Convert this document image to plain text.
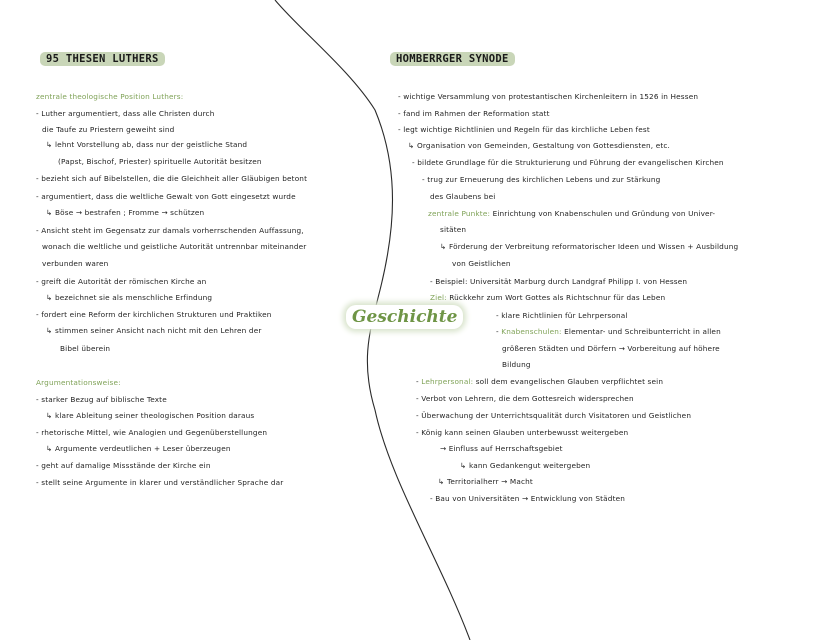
95 THESEN LUTHERS
zentrale theologische Position Luthers:
- Luther argumentiert, dass alle Christen durch
die Taufe zu Priestern geweiht sind
↳ lehnt Vorstellung ab, dass nur der geistliche Stand
(Papst, Bischof, Priester) spirituelle Autorität besitzen
- bezieht sich auf Bibelstellen, die die Gleichheit aller Gläubigen betont
- argumentiert, dass die weltliche Gewalt von Gott eingesetzt wurde
↳ Böse → bestrafen ; Fromme → schützen
- Ansicht steht im Gegensatz zur damals vorherrschenden Auffassung,
wonach die weltliche und geistliche Autorität untrennbar miteinander
verbunden waren
- greift die Autorität der römischen Kirche an
↳ bezeichnet sie als menschliche Erfindung
- fordert eine Reform der kirchlichen Strukturen und Praktiken
↳ stimmen seiner Ansicht nach nicht mit den Lehren der
Bibel überein
Argumentationsweise:
- starker Bezug auf biblische Texte
↳ klare Ableitung seiner theologischen Position daraus
- rhetorische Mittel, wie Analogien und Gegenüberstellungen
↳ Argumente verdeutlichen + Leser überzeugen
- geht auf damalige Missstände der Kirche ein
- stellt seine Argumente in klarer und verständlicher Sprache dar
Geschichte
HOMBERRGER SYNODE
- wichtige Versammlung von protestantischen Kirchenleitern in 1526 in Hessen
- fand im Rahmen der Reformation statt
- legt wichtige Richtlinien und Regeln für das kirchliche Leben fest
↳ Organisation von Gemeinden, Gestaltung von Gottesdiensten, etc.
- bildete Grundlage für die Strukturierung und Führung der evangelischen Kirchen
- trug zur Erneuerung des kirchlichen Lebens und zur Stärkung
des Glaubens bei
zentrale Punkte: Einrichtung von Knabenschulen und Gründung von Univer-
sitäten
↳ Förderung der Verbreitung reformatorischer Ideen und Wissen + Ausbildung
von Geistlichen
- Beispiel: Universität Marburg durch Landgraf Philipp I. von Hessen
Ziel: Rückkehr zum Wort Gottes als Richtschnur für das Leben
- klare Richtlinien für Lehrpersonal
- Knabenschulen: Elementar- und Schreibunterricht in allen
größeren Städten und Dörfern → Vorbereitung auf höhere
Bildung
- Lehrpersonal: soll dem evangelischen Glauben verpflichtet sein
- Verbot von Lehrern, die dem Gottesreich widersprechen
- Überwachung der Unterrichtsqualität durch Visitatoren und Geistlichen
- König kann seinen Glauben unterbewusst weitergeben
→ Einfluss auf Herrschaftsgebiet
↳ kann Gedankengut weitergeben
↳ Territorialherr → Macht
- Bau von Universitäten → Entwicklung von Städten
